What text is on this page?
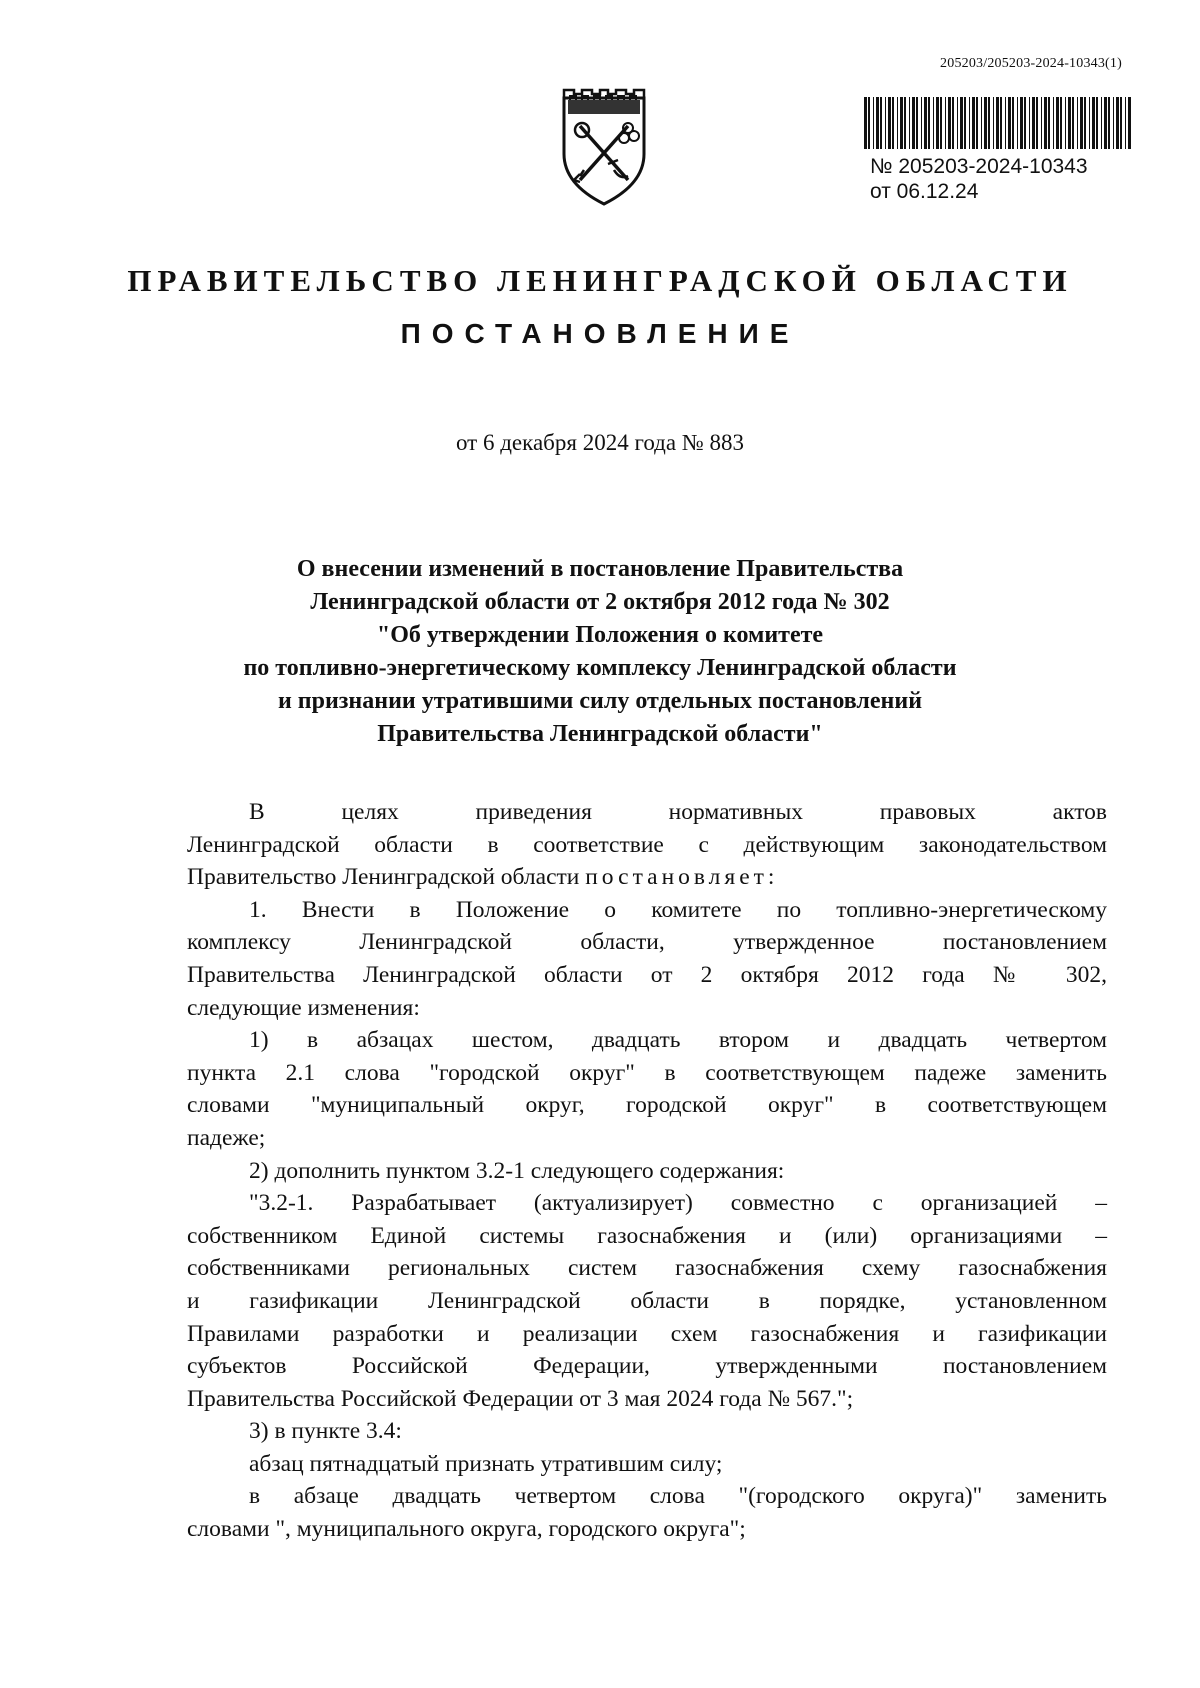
205203/205203-2024-10343(1)
№ 205203-2024-10343
от 06.12.24
ПРАВИТЕЛЬСТВО ЛЕНИНГРАДСКОЙ ОБЛАСТИ
ПОСТАНОВЛЕНИЕ
от 6 декабря 2024 года № 883
О внесении изменений в постановление Правительства
Ленинградской области от 2 октября 2012 года № 302
"Об утверждении Положения о комитете
по топливно-энергетическому комплексу Ленинградской области
и признании утратившими силу отдельных постановлений
Правительства Ленинградской области"
В целях приведения нормативных правовых актов
Ленинградской области в соответствие с действующим законодательством
Правительство Ленинградской области постановляет:
1. Внести в Положение о комитете по топливно-энергетическому
комплексу Ленинградской области, утвержденное постановлением
Правительства Ленинградской области от 2 октября 2012 года № 302,
следующие изменения:
1) в абзацах шестом, двадцать втором и двадцать четвертом
пункта 2.1 слова "городской округ" в соответствующем падеже заменить
словами "муниципальный округ, городской округ" в соответствующем
падеже;
2) дополнить пунктом 3.2-1 следующего содержания:
"3.2-1. Разрабатывает (актуализирует) совместно с организацией –
собственником Единой системы газоснабжения и (или) организациями –
собственниками региональных систем газоснабжения схему газоснабжения
и газификации Ленинградской области в порядке, установленном
Правилами разработки и реализации схем газоснабжения и газификации
субъектов Российской Федерации, утвержденными постановлением
Правительства Российской Федерации от 3 мая 2024 года № 567.";
3) в пункте 3.4:
абзац пятнадцатый признать утратившим силу;
в абзаце двадцать четвертом слова "(городского округа)" заменить
словами ", муниципального округа, городского округа";
